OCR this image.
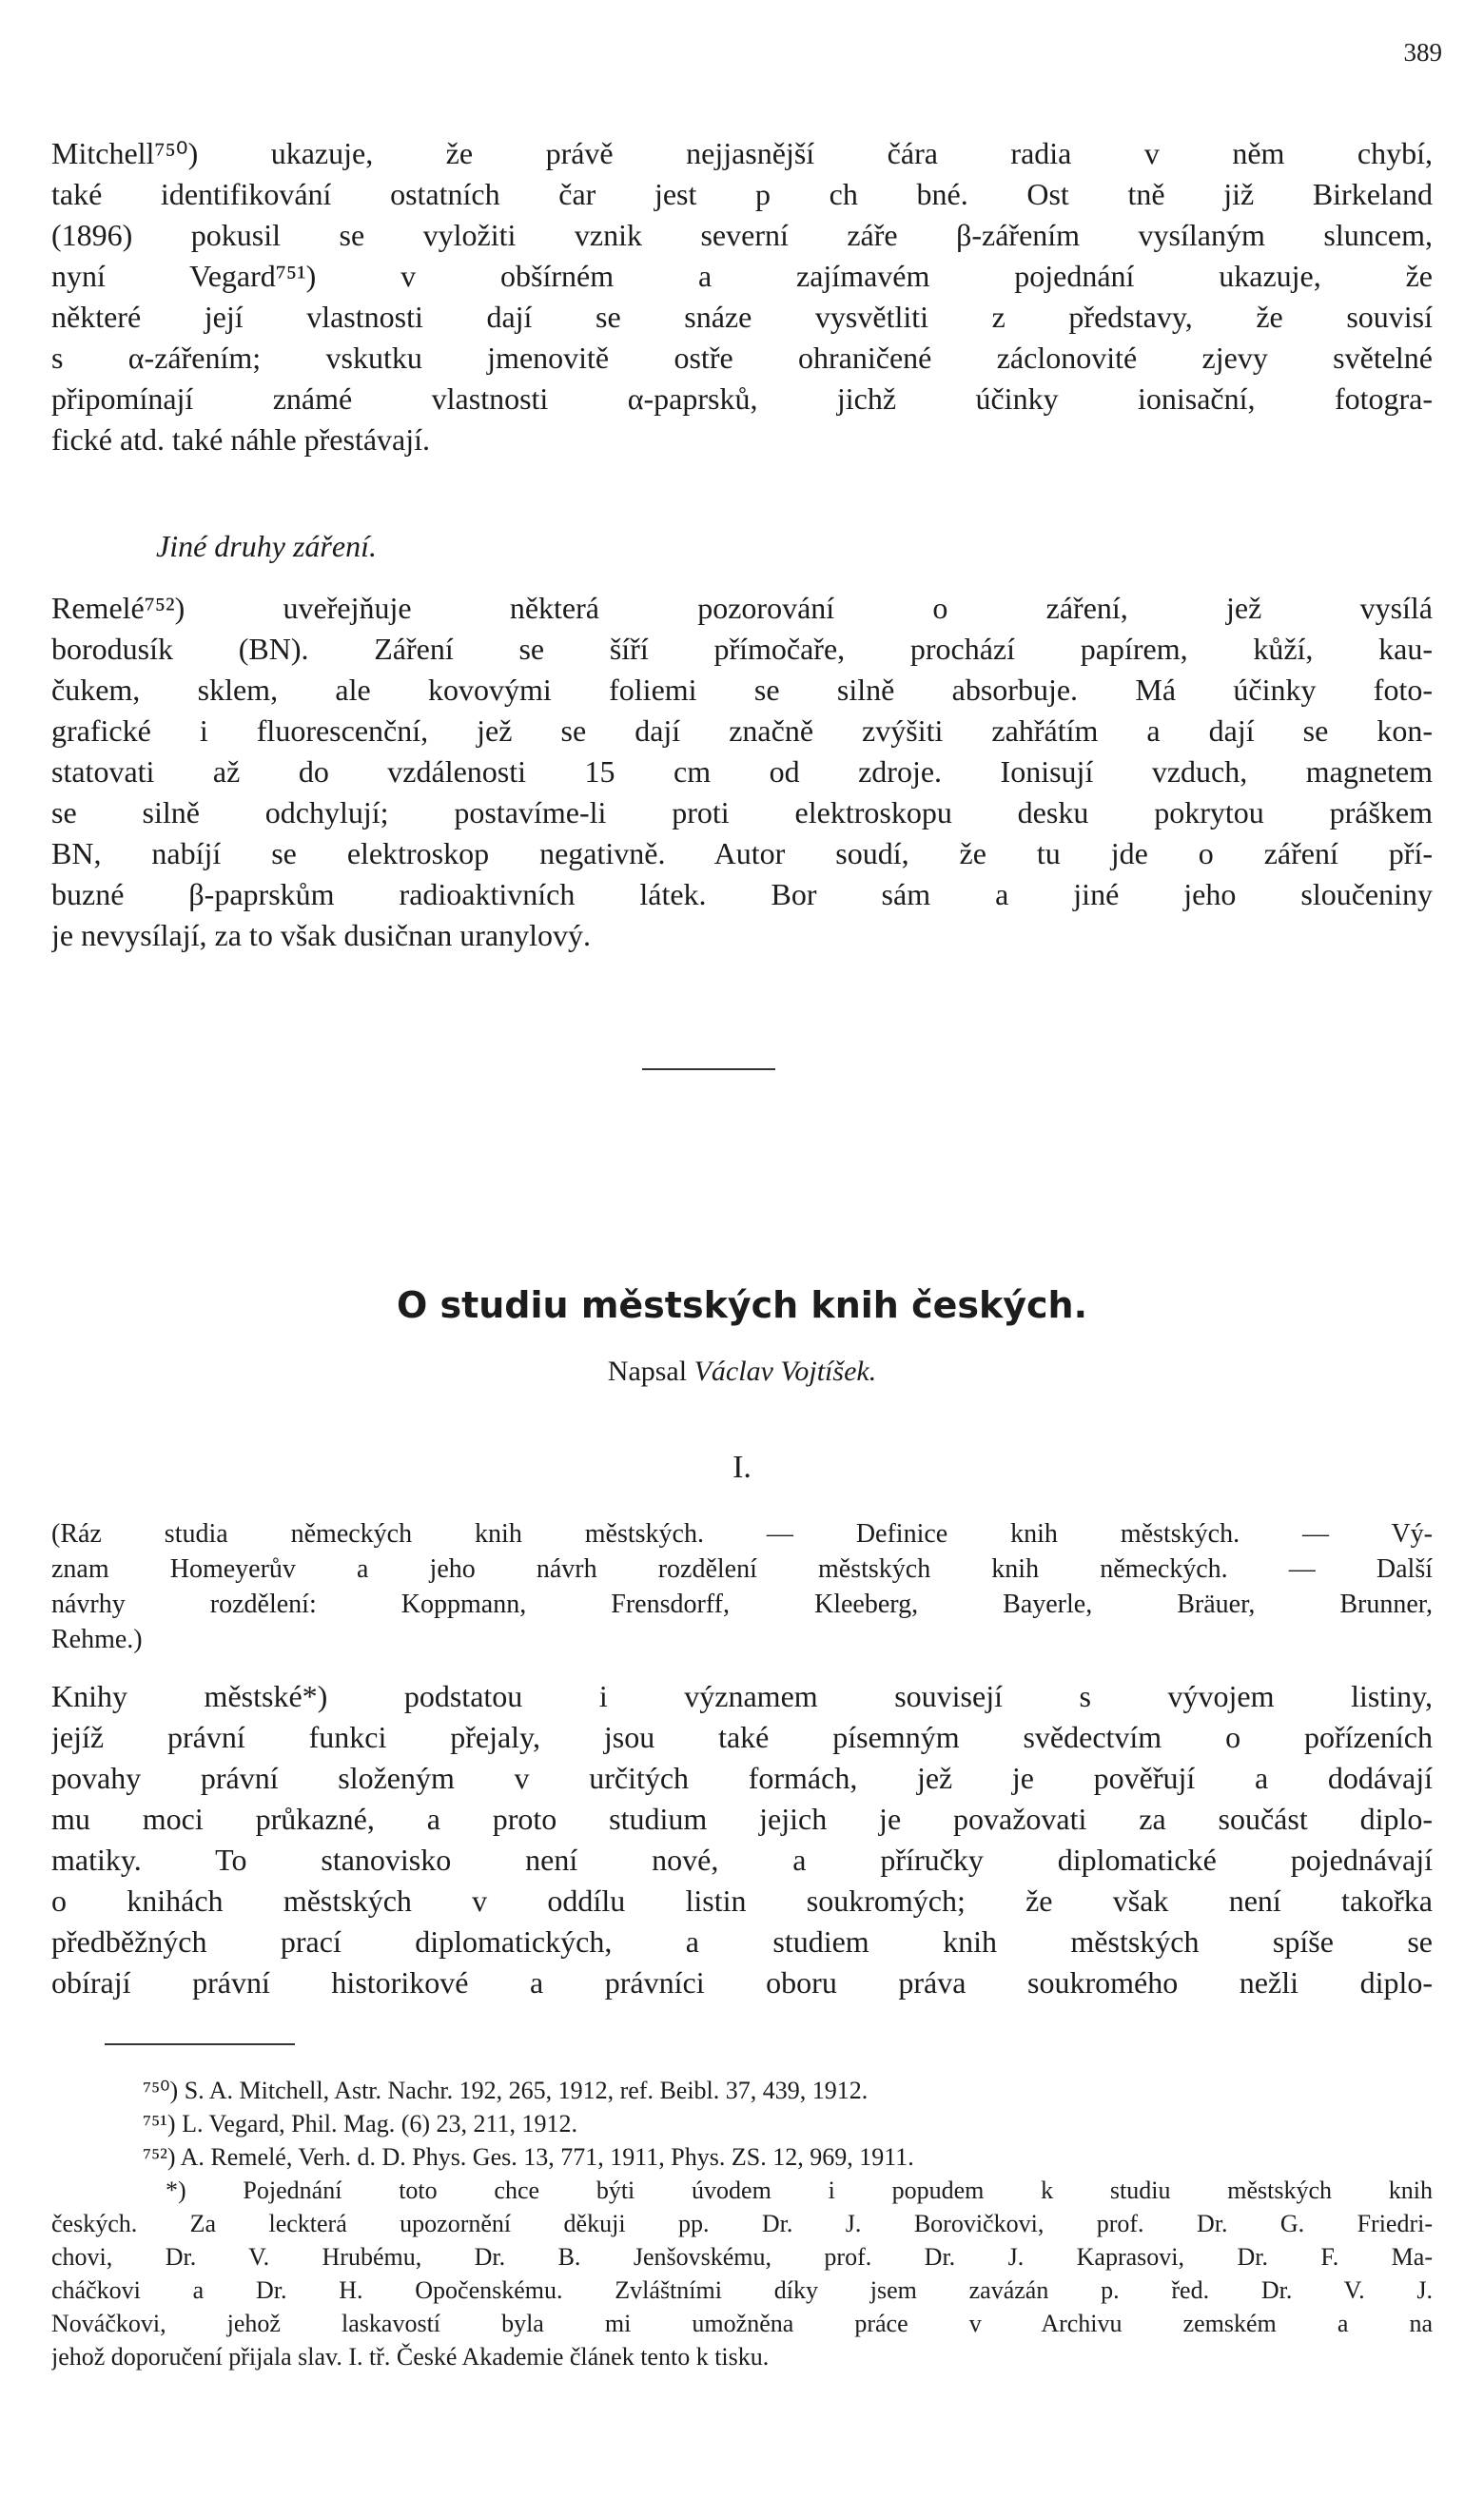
389
Mitchell⁷⁵⁰) ukazuje, že právě nejjasnější čára radia v něm chybí,
také identifikování ostatních čar jest p ch bné. Ost tně již Birkeland
(1896) pokusil se vyložiti vznik severní záře β-zářením vysílaným sluncem,
nyní Vegard⁷⁵¹) v obšírném a zajímavém pojednání ukazuje, že
některé její vlastnosti dají se snáze vysvětliti z představy, že souvisí
s α-zářením; vskutku jmenovitě ostře ohraničené záclonovité zjevy světelné
připomínají známé vlastnosti α-paprsků, jichž účinky ionisační, fotogra-
fické atd. také náhle přestávají.
Jiné druhy záření.
Remelé⁷⁵²) uveřejňuje některá pozorování o záření, jež vysílá
borodusík (BN). Záření se šíří přímočaře, prochází papírem, kůží, kau-
čukem, sklem, ale kovovými foliemi se silně absorbuje. Má účinky foto-
grafické i fluorescenční, jež se dají značně zvýšiti zahřátím a dají se kon-
statovati až do vzdálenosti 15 cm od zdroje. Ionisují vzduch, magnetem
se silně odchylují; postavíme-li proti elektroskopu desku pokrytou práškem
BN, nabíjí se elektroskop negativně. Autor soudí, že tu jde o záření pří-
buzné β-paprskům radioaktivních látek. Bor sám a jiné jeho sloučeniny
je nevysílají, za to však dusičnan uranylový.
O studiu městských knih českých.
Napsal Václav Vojtíšek.
I.
(Ráz studia německých knih městských. — Definice knih městských. — Vý-
znam Homeyerův a jeho návrh rozdělení městských knih německých. — Další
návrhy rozdělení: Koppmann, Frensdorff, Kleeberg, Bayerle, Bräuer, Brunner,
Rehme.)
Knihy městské*) podstatou i významem souvisejí s vývojem listiny,
jejíž právní funkci přejaly, jsou také písemným svědectvím o pořízeních
povahy právní složeným v určitých formách, jež je pověřují a dodávají
mu moci průkazné, a proto studium jejich je považovati za součást diplo-
matiky. To stanovisko není nové, a příručky diplomatické pojednávají
o knihách městských v oddílu listin soukromých; že však není takořka
předběžných prací diplomatických, a studiem knih městských spíše se
obírají právní historikové a právníci oboru práva soukromého nežli diplo-
⁷⁵⁰) S. A. Mitchell, Astr. Nachr. 192, 265, 1912, ref. Beibl. 37, 439, 1912.
⁷⁵¹) L. Vegard, Phil. Mag. (6) 23, 211, 1912.
⁷⁵²) A. Remelé, Verh. d. D. Phys. Ges. 13, 771, 1911, Phys. ZS. 12, 969, 1911.
*) Pojednání toto chce býti úvodem i popudem k studiu městských knih
českých. Za leckterá upozornění děkuji pp. Dr. J. Borovičkovi, prof. Dr. G. Friedri-
chovi, Dr. V. Hrubému, Dr. B. Jenšovskému, prof. Dr. J. Kaprasovi, Dr. F. Ma-
cháčkovi a Dr. H. Opočenskému. Zvláštními díky jsem zavázán p. řed. Dr. V. J.
Nováčkovi, jehož laskavostí byla mi umožněna práce v Archivu zemském a na
jehož doporučení přijala slav. I. tř. České Akademie článek tento k tisku.
